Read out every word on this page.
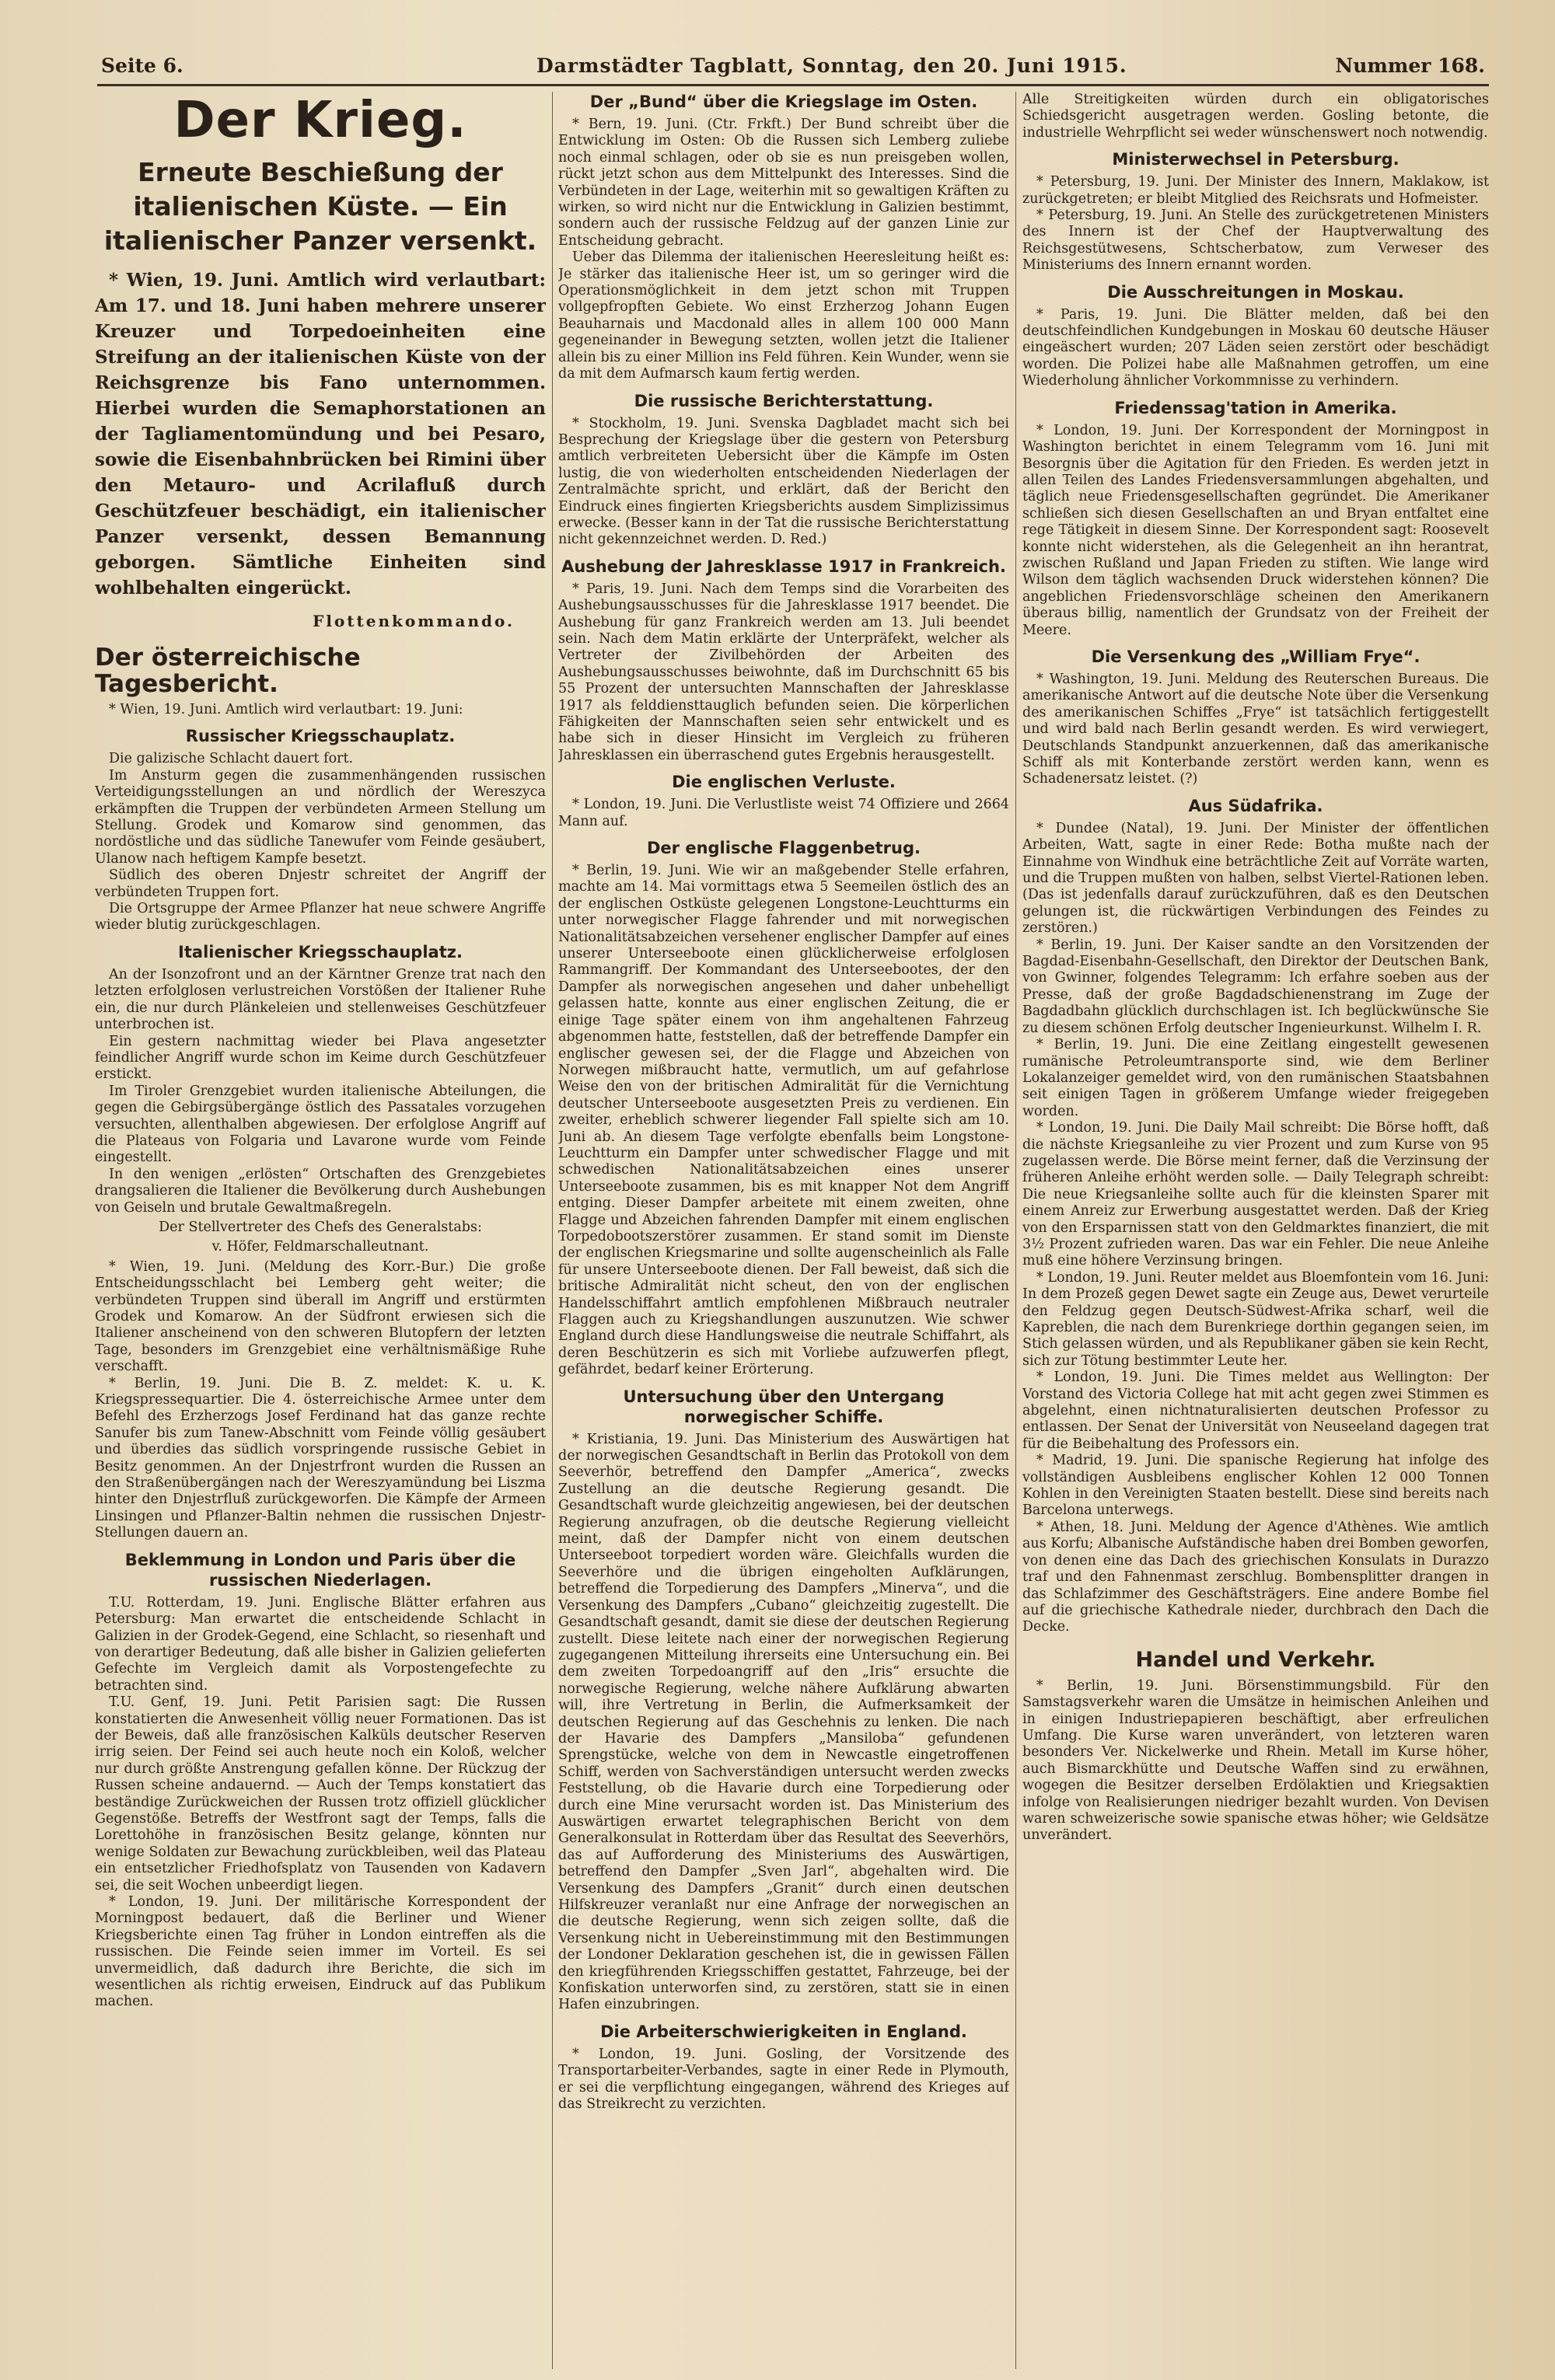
Seite 6.	Darmstädter Tagblatt, Sonntag, den 20. Juni 1915.	Nummer 168.
Der Krieg.
Erneute Beschießung der italienischen Küste. — Ein italienischer Panzer versenkt.

* Wien, 19. Juni. Amtlich wird verlautbart: Am 17. und 18. Juni haben mehrere unserer Kreuzer und Torpedoeinheiten eine Streifung an der italienischen Küste von der Reichsgrenze bis Fano unternommen. Hierbei wurden die Semaphorstationen an der Tagliamentomündung und bei Pesaro, sowie die Eisenbahnbrücken bei Rimini über den Metauro- und Acrilafluß durch Geschützfeuer beschädigt, ein italienischer Panzer versenkt, dessen Bemannung geborgen. Sämtliche Einheiten sind wohlbehalten eingerückt.

Flottenkommando.
Der österreichische Tagesbericht.

* Wien, 19. Juni. Amtlich wird verlautbart: 19. Juni:

Russischer Kriegsschauplatz.

Die galizische Schlacht dauert fort.

Im Ansturm gegen die zusammenhängenden russischen Verteidigungsstellungen an und nördlich der Wereszyca erkämpften die Truppen der verbündeten Armeen Stellung um Stellung. Grodek und Komarow sind genommen, das nordöstliche und das südliche Tanewufer vom Feinde gesäubert, Ulanow nach heftigem Kampfe besetzt.

Südlich des oberen Dnjestr schreitet der Angriff der verbündeten Truppen fort.

Die Ortsgruppe der Armee Pflanzer hat neue schwere Angriffe wieder blutig zurückgeschlagen.

Italienischer Kriegsschauplatz.

An der Isonzofront und an der Kärntner Grenze trat nach den letzten erfolglosen verlustreichen Vorstößen der Italiener Ruhe ein, die nur durch Plänkeleien und stellenweises Geschützfeuer unterbrochen ist.

Ein gestern nachmittag wieder bei Plava angesetzter feindlicher Angriff wurde schon im Keime durch Geschützfeuer erstickt.

Im Tiroler Grenzgebiet wurden italienische Abteilungen, die gegen die Gebirgsübergänge östlich des Passatales vorzugehen versuchten, allenthalben abgewiesen. Der erfolglose Angriff auf die Plateaus von Folgaria und Lavarone wurde vom Feinde eingestellt.

In den wenigen „erlösten“ Ortschaften des Grenzgebietes drangsalieren die Italiener die Bevölkerung durch Aushebungen von Geiseln und brutale Gewaltmaßregeln.

Der Stellvertreter des Chefs des Generalstabs:
v. Höfer, Feldmarschalleutnant.

* Wien, 19. Juni. (Meldung des Korr.-Bur.) Die große Entscheidungsschlacht bei Lemberg geht weiter; die verbündeten Truppen sind überall im Angriff und erstürmten Grodek und Komarow. An der Südfront erwiesen sich die Italiener anscheinend von den schweren Blutopfern der letzten Tage, besonders im Grenzgebiet eine verhältnismäßige Ruhe verschafft.

* Berlin, 19. Juni. Die B. Z. meldet: K. u. K. Kriegspressequartier. Die 4. österreichische Armee unter dem Befehl des Erzherzogs Josef Ferdinand hat das ganze rechte Sanufer bis zum Tanew-Abschnitt vom Feinde völlig gesäubert und überdies das südlich vorspringende russische Gebiet in Besitz genommen. An der Dnjestrfront wurden die Russen an den Straßenübergängen nach der Wereszyamündung bei Liszma hinter den Dnjestrfluß zurückgeworfen. Die Kämpfe der Armeen Linsingen und Pflanzer-Baltin nehmen die russischen Dnjestr-Stellungen dauern an.

Beklemmung in London und Paris über die russischen Niederlagen.

T.U. Rotterdam, 19. Juni. Englische Blätter erfahren aus Petersburg: Man erwartet die entscheidende Schlacht in Galizien in der Grodek-Gegend, eine Schlacht, so riesenhaft und von derartiger Bedeutung, daß alle bisher in Galizien gelieferten Gefechte im Vergleich damit als Vorpostengefechte zu betrachten sind.

T.U. Genf, 19. Juni. Petit Parisien sagt: Die Russen konstatierten die Anwesenheit völlig neuer Formationen. Das ist der Beweis, daß alle französischen Kalküls deutscher Reserven irrig seien. Der Feind sei auch heute noch ein Koloß, welcher nur durch größte Anstrengung gefallen könne. Der Rückzug der Russen scheine andauernd. — Auch der Temps konstatiert das beständige Zurückweichen der Russen trotz offiziell glücklicher Gegenstöße. Betreffs der Westfront sagt der Temps, falls die Lorettohöhe in französischen Besitz gelange, könnten nur wenige Soldaten zur Bewachung zurückbleiben, weil das Plateau ein entsetzlicher Friedhofsplatz von Tausenden von Kadavern sei, die seit Wochen unbeerdigt liegen.

* London, 19. Juni. Der militärische Korrespondent der Morningpost bedauert, daß die Berliner und Wiener Kriegsberichte einen Tag früher in London eintreffen als die russischen. Die Feinde seien immer im Vorteil. Es sei unvermeidlich, daß dadurch ihre Berichte, die sich im wesentlichen als richtig erweisen, Eindruck auf das Publikum machen.

Der „Bund“ über die Kriegslage im Osten.

* Bern, 19. Juni. (Ctr. Frkft.) Der Bund schreibt über die Entwicklung im Osten: Ob die Russen sich Lemberg zuliebe noch einmal schlagen, oder ob sie es nun preisgeben wollen, rückt jetzt schon aus dem Mittelpunkt des Interesses. Sind die Verbündeten in der Lage, weiterhin mit so gewaltigen Kräften zu wirken, so wird nicht nur die Entwicklung in Galizien bestimmt, sondern auch der russische Feldzug auf der ganzen Linie zur Entscheidung gebracht.

Ueber das Dilemma der italienischen Heeresleitung heißt es: Je stärker das italienische Heer ist, um so geringer wird die Operationsmöglichkeit in dem jetzt schon mit Truppen vollgepfropften Gebiete. Wo einst Erzherzog Johann Eugen Beauharnais und Macdonald alles in allem 100 000 Mann gegeneinander in Bewegung setzten, wollen jetzt die Italiener allein bis zu einer Million ins Feld führen. Kein Wunder, wenn sie da mit dem Aufmarsch kaum fertig werden.

Die russische Berichterstattung.

* Stockholm, 19. Juni. Svenska Dagbladet macht sich bei Besprechung der Kriegslage über die gestern von Petersburg amtlich verbreiteten Uebersicht über die Kämpfe im Osten lustig, die von wiederholten entscheidenden Niederlagen der Zentralmächte spricht, und erklärt, daß der Bericht den Eindruck eines fingierten Kriegsberichts ausdem Simplizissimus erwecke. (Besser kann in der Tat die russische Berichterstattung nicht gekennzeichnet werden. D. Red.)

Aushebung der Jahresklasse 1917 in Frankreich.

* Paris, 19. Juni. Nach dem Temps sind die Vorarbeiten des Aushebungsausschusses für die Jahresklasse 1917 beendet. Die Aushebung für ganz Frankreich werden am 13. Juli beendet sein. Nach dem Matin erklärte der Unterpräfekt, welcher als Vertreter der Zivilbehörden der Arbeiten des Aushebungsausschusses beiwohnte, daß im Durchschnitt 65 bis 55 Prozent der untersuchten Mannschaften der Jahresklasse 1917 als felddiensttauglich befunden seien. Die körperlichen Fähigkeiten der Mannschaften seien sehr entwickelt und es habe sich in dieser Hinsicht im Vergleich zu früheren Jahresklassen ein überraschend gutes Ergebnis herausgestellt.

Die englischen Verluste.

* London, 19. Juni. Die Verlustliste weist 74 Offiziere und 2664 Mann auf.

Der englische Flaggenbetrug.

* Berlin, 19. Juni. Wie wir an maßgebender Stelle erfahren, machte am 14. Mai vormittags etwa 5 Seemeilen östlich des an der englischen Ostküste gelegenen Longstone-Leuchtturms ein unter norwegischer Flagge fahrender und mit norwegischen Nationalitätsabzeichen versehener englischer Dampfer auf eines unserer Unterseeboote einen glücklicherweise erfolglosen Rammangriff. Der Kommandant des Unterseebootes, der den Dampfer als norwegischen angesehen und daher unbehelligt gelassen hatte, konnte aus einer englischen Zeitung, die er einige Tage später einem von ihm angehaltenen Fahrzeug abgenommen hatte, feststellen, daß der betreffende Dampfer ein englischer gewesen sei, der die Flagge und Abzeichen von Norwegen mißbraucht hatte, vermutlich, um auf gefahrlose Weise den von der britischen Admiralität für die Vernichtung deutscher Unterseeboote ausgesetzten Preis zu verdienen. Ein zweiter, erheblich schwerer liegender Fall spielte sich am 10. Juni ab. An diesem Tage verfolgte ebenfalls beim Longstone-Leuchtturm ein Dampfer unter schwedischer Flagge und mit schwedischen Nationalitätsabzeichen eines unserer Unterseeboote zusammen, bis es mit knapper Not dem Angriff entging. Dieser Dampfer arbeitete mit einem zweiten, ohne Flagge und Abzeichen fahrenden Dampfer mit einem englischen Torpedobootszerstörer zusammen. Er stand somit im Dienste der englischen Kriegsmarine und sollte augenscheinlich als Falle für unsere Unterseeboote dienen. Der Fall beweist, daß sich die britische Admiralität nicht scheut, den von der englischen Handelsschiffahrt amtlich empfohlenen Mißbrauch neutraler Flaggen auch zu Kriegshandlungen auszunutzen. Wie schwer England durch diese Handlungsweise die neutrale Schiffahrt, als deren Beschützerin es sich mit Vorliebe aufzuwerfen pflegt, gefährdet, bedarf keiner Erörterung.

Untersuchung über den Untergang norwegischer Schiffe.

* Kristiania, 19. Juni. Das Ministerium des Auswärtigen hat der norwegischen Gesandtschaft in Berlin das Protokoll von dem Seeverhör, betreffend den Dampfer „America“, zwecks Zustellung an die deutsche Regierung gesandt. Die Gesandtschaft wurde gleichzeitig angewiesen, bei der deutschen Regierung anzufragen, ob die deutsche Regierung vielleicht meint, daß der Dampfer nicht von einem deutschen Unterseeboot torpediert worden wäre. Gleichfalls wurden die Seeverhöre und die übrigen eingeholten Aufklärungen, betreffend die Torpedierung des Dampfers „Minerva“, und die Versenkung des Dampfers „Cubano“ gleichzeitig zugestellt. Die Gesandtschaft gesandt, damit sie diese der deutschen Regierung zustellt. Diese leitete nach einer der norwegischen Regierung zugegangenen Mitteilung ihrerseits eine Untersuchung ein. Bei dem zweiten Torpedoangriff auf den „Iris“ ersuchte die norwegische Regierung, welche nähere Aufklärung abwarten will, ihre Vertretung in Berlin, die Aufmerksamkeit der deutschen Regierung auf das Geschehnis zu lenken. Die nach der Havarie des Dampfers „Mansiloba“ gefundenen Sprengstücke, welche von dem in Newcastle eingetroffenen Schiff, werden von Sachverständigen untersucht werden zwecks Feststellung, ob die Havarie durch eine Torpedierung oder durch eine Mine verursacht worden ist. Das Ministerium des Auswärtigen erwartet telegraphischen Bericht von dem Generalkonsulat in Rotterdam über das Resultat des Seeverhörs, das auf Aufforderung des Ministeriums des Auswärtigen, betreffend den Dampfer „Sven Jarl“, abgehalten wird. Die Versenkung des Dampfers „Granit“ durch einen deutschen Hilfskreuzer veranlaßt nur eine Anfrage der norwegischen an die deutsche Regierung, wenn sich zeigen sollte, daß die Versenkung nicht in Uebereinstimmung mit den Bestimmungen der Londoner Deklaration geschehen ist, die in gewissen Fällen den kriegführenden Kriegsschiffen gestattet, Fahrzeuge, bei der Konfiskation unterworfen sind, zu zerstören, statt sie in einen Hafen einzubringen.

Die Arbeiterschwierigkeiten in England.

* London, 19. Juni. Gosling, der Vorsitzende des Transportarbeiter-Verbandes, sagte in einer Rede in Plymouth, er sei die verpflichtung eingegangen, während des Krieges auf das Streikrecht zu verzichten.

Alle Streitigkeiten würden durch ein obligatorisches Schiedsgericht ausgetragen werden. Gosling betonte, die industrielle Wehrpflicht sei weder wünschenswert noch notwendig.

Ministerwechsel in Petersburg.

* Petersburg, 19. Juni. Der Minister des Innern, Maklakow, ist zurückgetreten; er bleibt Mitglied des Reichsrats und Hofmeister.

* Petersburg, 19. Juni. An Stelle des zurückgetretenen Ministers des Innern ist der Chef der Hauptverwaltung des Reichsgestütwesens, Schtscherbatow, zum Verweser des Ministeriums des Innern ernannt worden.

Die Ausschreitungen in Moskau.

* Paris, 19. Juni. Die Blätter melden, daß bei den deutschfeindlichen Kundgebungen in Moskau 60 deutsche Häuser eingeäschert wurden; 207 Läden seien zerstört oder beschädigt worden. Die Polizei habe alle Maßnahmen getroffen, um eine Wiederholung ähnlicher Vorkommnisse zu verhindern.

Friedenssag'tation in Amerika.

* London, 19. Juni. Der Korrespondent der Morningpost in Washington berichtet in einem Telegramm vom 16. Juni mit Besorgnis über die Agitation für den Frieden. Es werden jetzt in allen Teilen des Landes Friedensversammlungen abgehalten, und täglich neue Friedensgesellschaften gegründet. Die Amerikaner schließen sich diesen Gesellschaften an und Bryan entfaltet eine rege Tätigkeit in diesem Sinne. Der Korrespondent sagt: Roosevelt konnte nicht widerstehen, als die Gelegenheit an ihn herantrat, zwischen Rußland und Japan Frieden zu stiften. Wie lange wird Wilson dem täglich wachsenden Druck widerstehen können? Die angeblichen Friedensvorschläge scheinen den Amerikanern überaus billig, namentlich der Grundsatz von der Freiheit der Meere.

Die Versenkung des „William Frye“.

* Washington, 19. Juni. Meldung des Reuterschen Bureaus. Die amerikanische Antwort auf die deutsche Note über die Versenkung des amerikanischen Schiffes „Frye“ ist tatsächlich fertiggestellt und wird bald nach Berlin gesandt werden. Es wird verwiegert, Deutschlands Standpunkt anzuerkennen, daß das amerikanische Schiff als mit Konterbande zerstört werden kann, wenn es Schadenersatz leistet. (?)

Aus Südafrika.

* Dundee (Natal), 19. Juni. Der Minister der öffentlichen Arbeiten, Watt, sagte in einer Rede: Botha mußte nach der Einnahme von Windhuk eine beträchtliche Zeit auf Vorräte warten, und die Truppen mußten von halben, selbst Viertel-Rationen leben. (Das ist jedenfalls darauf zurückzuführen, daß es den Deutschen gelungen ist, die rückwärtigen Verbindungen des Feindes zu zerstören.)

* Berlin, 19. Juni. Der Kaiser sandte an den Vorsitzenden der Bagdad-Eisenbahn-Gesellschaft, den Direktor der Deutschen Bank, von Gwinner, folgendes Telegramm: Ich erfahre soeben aus der Presse, daß der große Bagdadschienenstrang im Zuge der Bagdadbahn glücklich durchschlagen ist. Ich beglückwünsche Sie zu diesem schönen Erfolg deutscher Ingenieurkunst. Wilhelm I. R.

* Berlin, 19. Juni. Die eine Zeitlang eingestellt gewesenen rumänische Petroleumtransporte sind, wie dem Berliner Lokalanzeiger gemeldet wird, von den rumänischen Staatsbahnen seit einigen Tagen in größerem Umfange wieder freigegeben worden.

* London, 19. Juni. Die Daily Mail schreibt: Die Börse hofft, daß die nächste Kriegsanleihe zu vier Prozent und zum Kurse von 95 zugelassen werde. Die Börse meint ferner, daß die Verzinsung der früheren Anleihe erhöht werden solle. — Daily Telegraph schreibt: Die neue Kriegsanleihe sollte auch für die kleinsten Sparer mit einem Anreiz zur Erwerbung ausgestattet werden. Daß der Krieg von den Ersparnissen statt von den Geldmarktes finanziert, die mit 3½ Prozent zufrieden waren. Das war ein Fehler. Die neue Anleihe muß eine höhere Verzinsung bringen.

* London, 19. Juni. Reuter meldet aus Bloemfontein vom 16. Juni: In dem Prozeß gegen Dewet sagte ein Zeuge aus, Dewet verurteile den Feldzug gegen Deutsch-Südwest-Afrika scharf, weil die Kapreblen, die nach dem Burenkriege dorthin gegangen seien, im Stich gelassen würden, und als Republikaner gäben sie kein Recht, sich zur Tötung bestimmter Leute her.

* London, 19. Juni. Die Times meldet aus Wellington: Der Vorstand des Victoria College hat mit acht gegen zwei Stimmen es abgelehnt, einen nichtnaturalisierten deutschen Professor zu entlassen. Der Senat der Universität von Neuseeland dagegen trat für die Beibehaltung des Professors ein.

* Madrid, 19. Juni. Die spanische Regierung hat infolge des vollständigen Ausbleibens englischer Kohlen 12 000 Tonnen Kohlen in den Vereinigten Staaten bestellt. Diese sind bereits nach Barcelona unterwegs.

* Athen, 18. Juni. Meldung der Agence d'Athènes. Wie amtlich aus Korfu; Albanische Aufständische haben drei Bomben geworfen, von denen eine das Dach des griechischen Konsulats in Durazzo traf und den Fahnenmast zerschlug. Bombensplitter drangen in das Schlafzimmer des Geschäftsträgers. Eine andere Bombe fiel auf die griechische Kathedrale nieder, durchbrach den Dach die Decke.

Handel und Verkehr.

* Berlin, 19. Juni. Börsenstimmungsbild. Für den Samstagsverkehr waren die Umsätze in heimischen Anleihen und in einigen Industriepapieren beschäftigt, aber erfreulichen Umfang. Die Kurse waren unverändert, von letzteren waren besonders Ver. Nickelwerke und Rhein. Metall im Kurse höher, auch Bismarckhütte und Deutsche Waffen sind zu erwähnen, wogegen die Besitzer derselben Erdölaktien und Kriegsaktien infolge von Realisierungen niedriger bezahlt wurden. Von Devisen waren schweizerische sowie spanische etwas höher; wie Geldsätze unverändert.
